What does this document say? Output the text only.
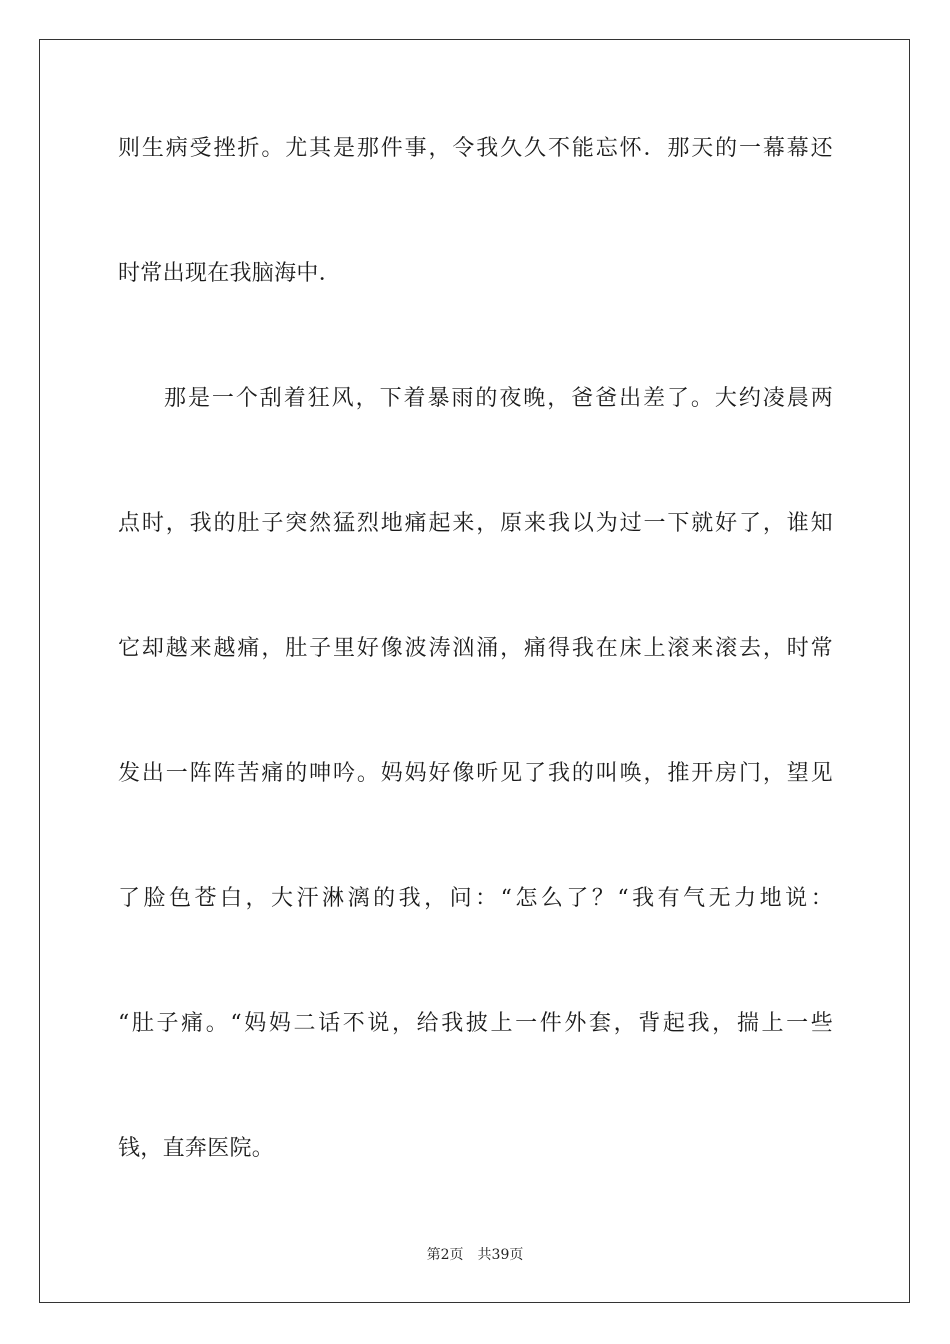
则生病受挫折。尤其是那件事，令我久久不能忘怀．那天的一幕幕还
时常出现在我脑海中．
那是一个刮着狂风，下着暴雨的夜晚，爸爸出差了。大约凌晨两
点时，我的肚子突然猛烈地痛起来，原来我以为过一下就好了，谁知
它却越来越痛，肚子里好像波涛汹涌，痛得我在床上滚来滚去，时常
发出一阵阵苦痛的呻吟。妈妈好像听见了我的叫唤，推开房门，望见
了脸色苍白，大汗淋漓的我，问：“怎么了？“我有气无力地说：
“肚子痛。“妈妈二话不说，给我披上一件外套，背起我，揣上一些
钱，直奔医院。
第2页 共39页
